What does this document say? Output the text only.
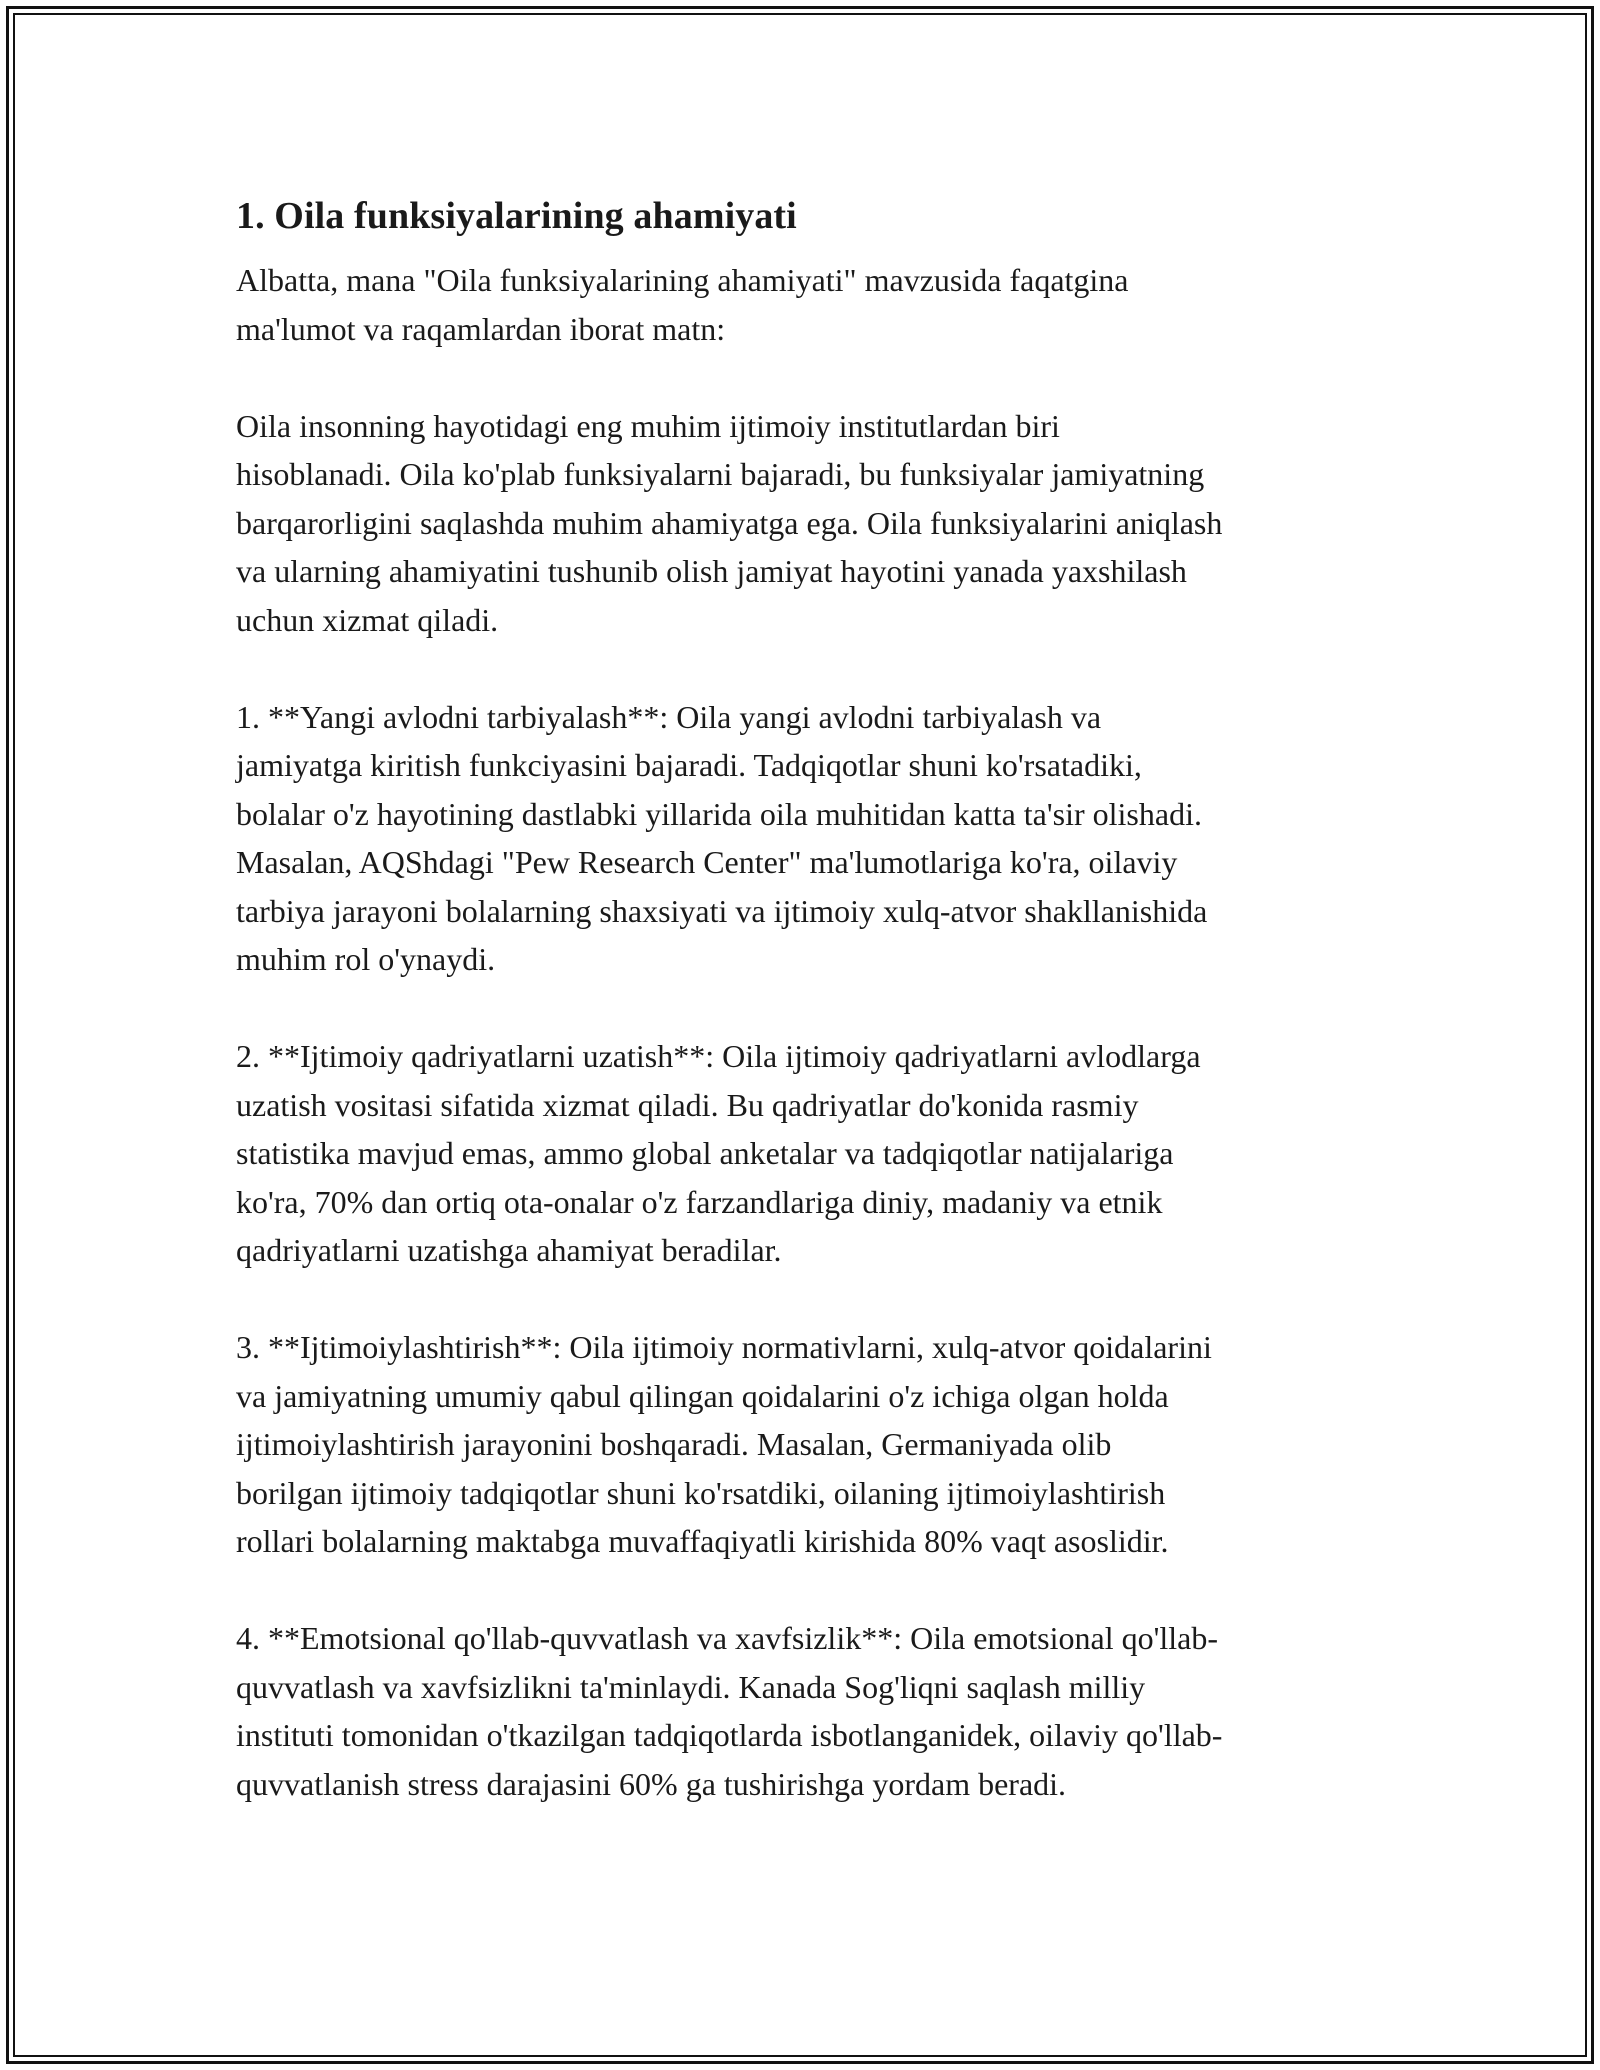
1. Oila funksiyalarining ahamiyati

Albatta, mana "Oila funksiyalarining ahamiyati" mavzusida faqatgina
ma'lumot va raqamlardan iborat matn:

Oila insonning hayotidagi eng muhim ijtimoiy institutlardan biri
hisoblanadi. Oila ko'plab funksiyalarni bajaradi, bu funksiyalar jamiyatning
barqarorligini saqlashda muhim ahamiyatga ega. Oila funksiyalarini aniqlash
va ularning ahamiyatini tushunib olish jamiyat hayotini yanada yaxshilash
uchun xizmat qiladi.

1. **Yangi avlodni tarbiyalash**: Oila yangi avlodni tarbiyalash va
jamiyatga kiritish funkciyasini bajaradi. Tadqiqotlar shuni ko'rsatadiki,
bolalar o'z hayotining dastlabki yillarida oila muhitidan katta ta'sir olishadi.
Masalan, AQShdagi "Pew Research Center" ma'lumotlariga ko'ra, oilaviy
tarbiya jarayoni bolalarning shaxsiyati va ijtimoiy xulq-atvor shakllanishida
muhim rol o'ynaydi.

2. **Ijtimoiy qadriyatlarni uzatish**: Oila ijtimoiy qadriyatlarni avlodlarga
uzatish vositasi sifatida xizmat qiladi. Bu qadriyatlar do'konida rasmiy
statistika mavjud emas, ammo global anketalar va tadqiqotlar natijalariga
ko'ra, 70% dan ortiq ota-onalar o'z farzandlariga diniy, madaniy va etnik
qadriyatlarni uzatishga ahamiyat beradilar.

3. **Ijtimoiylashtirish**: Oila ijtimoiy normativlarni, xulq-atvor qoidalarini
va jamiyatning umumiy qabul qilingan qoidalarini o'z ichiga olgan holda
ijtimoiylashtirish jarayonini boshqaradi. Masalan, Germaniyada olib
borilgan ijtimoiy tadqiqotlar shuni ko'rsatdiki, oilaning ijtimoiylashtirish
rollari bolalarning maktabga muvaffaqiyatli kirishida 80% vaqt asoslidir.

4. **Emotsional qo'llab-quvvatlash va xavfsizlik**: Oila emotsional qo'llab-
quvvatlash va xavfsizlikni ta'minlaydi. Kanada Sog'liqni saqlash milliy
instituti tomonidan o'tkazilgan tadqiqotlarda isbotlanganidek, oilaviy qo'llab-
quvvatlanish stress darajasini 60% ga tushirishga yordam beradi.
